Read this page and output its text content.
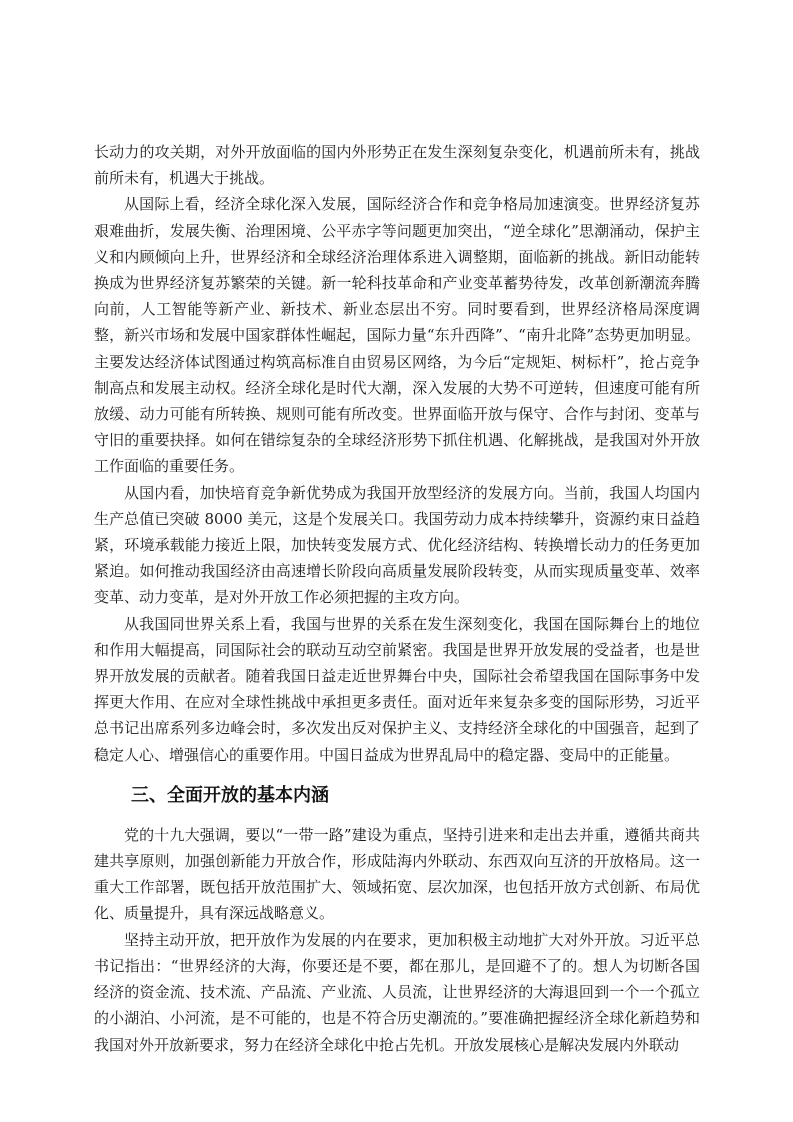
长动力的攻关期，对外开放面临的国内外形势正在发生深刻复杂变化，机遇前所未有，挑战前所未有，机遇大于挑战。

从国际上看，经济全球化深入发展，国际经济合作和竞争格局加速演变。世界经济复苏艰难曲折，发展失衡、治理困境、公平赤字等问题更加突出，“逆全球化”思潮涌动，保护主义和内顾倾向上升，世界经济和全球经济治理体系进入调整期，面临新的挑战。新旧动能转换成为世界经济复苏繁荣的关键。新一轮科技革命和产业变革蓄势待发，改革创新潮流奔腾向前，人工智能等新产业、新技术、新业态层出不穷。同时要看到，世界经济格局深度调整，新兴市场和发展中国家群体性崛起，国际力量“东升西降”、“南升北降”态势更加明显。主要发达经济体试图通过构筑高标准自由贸易区网络，为今后“定规矩、树标杆”，抢占竞争制高点和发展主动权。经济全球化是时代大潮，深入发展的大势不可逆转，但速度可能有所放缓、动力可能有所转换、规则可能有所改变。世界面临开放与保守、合作与封闭、变革与守旧的重要抉择。如何在错综复杂的全球经济形势下抓住机遇、化解挑战，是我国对外开放工作面临的重要任务。

从国内看，加快培育竞争新优势成为我国开放型经济的发展方向。当前，我国人均国内生产总值已突破 8000 美元，这是个发展关口。我国劳动力成本持续攀升，资源约束日益趋紧，环境承载能力接近上限，加快转变发展方式、优化经济结构、转换增长动力的任务更加紧迫。如何推动我国经济由高速增长阶段向高质量发展阶段转变，从而实现质量变革、效率变革、动力变革，是对外开放工作必须把握的主攻方向。

从我国同世界关系上看，我国与世界的关系在发生深刻变化，我国在国际舞台上的地位和作用大幅提高，同国际社会的联动互动空前紧密。我国是世界开放发展的受益者，也是世界开放发展的贡献者。随着我国日益走近世界舞台中央，国际社会希望我国在国际事务中发挥更大作用、在应对全球性挑战中承担更多责任。面对近年来复杂多变的国际形势，习近平总书记出席系列多边峰会时，多次发出反对保护主义、支持经济全球化的中国强音，起到了稳定人心、增强信心的重要作用。中国日益成为世界乱局中的稳定器、变局中的正能量。

三、全面开放的基本内涵

党的十九大强调，要以“一带一路”建设为重点，坚持引进来和走出去并重，遵循共商共建共享原则，加强创新能力开放合作，形成陆海内外联动、东西双向互济的开放格局。这一重大工作部署，既包括开放范围扩大、领域拓宽、层次加深，也包括开放方式创新、布局优化、质量提升，具有深远战略意义。

坚持主动开放，把开放作为发展的内在要求，更加积极主动地扩大对外开放。习近平总书记指出：“世界经济的大海，你要还是不要，都在那儿，是回避不了的。想人为切断各国经济的资金流、技术流、产品流、产业流、人员流，让世界经济的大海退回到一个一个孤立的小湖泊、小河流，是不可能的，也是不符合历史潮流的。”要准确把握经济全球化新趋势和我国对外开放新要求，努力在经济全球化中抢占先机。开放发展核心是解决发展内外联动
